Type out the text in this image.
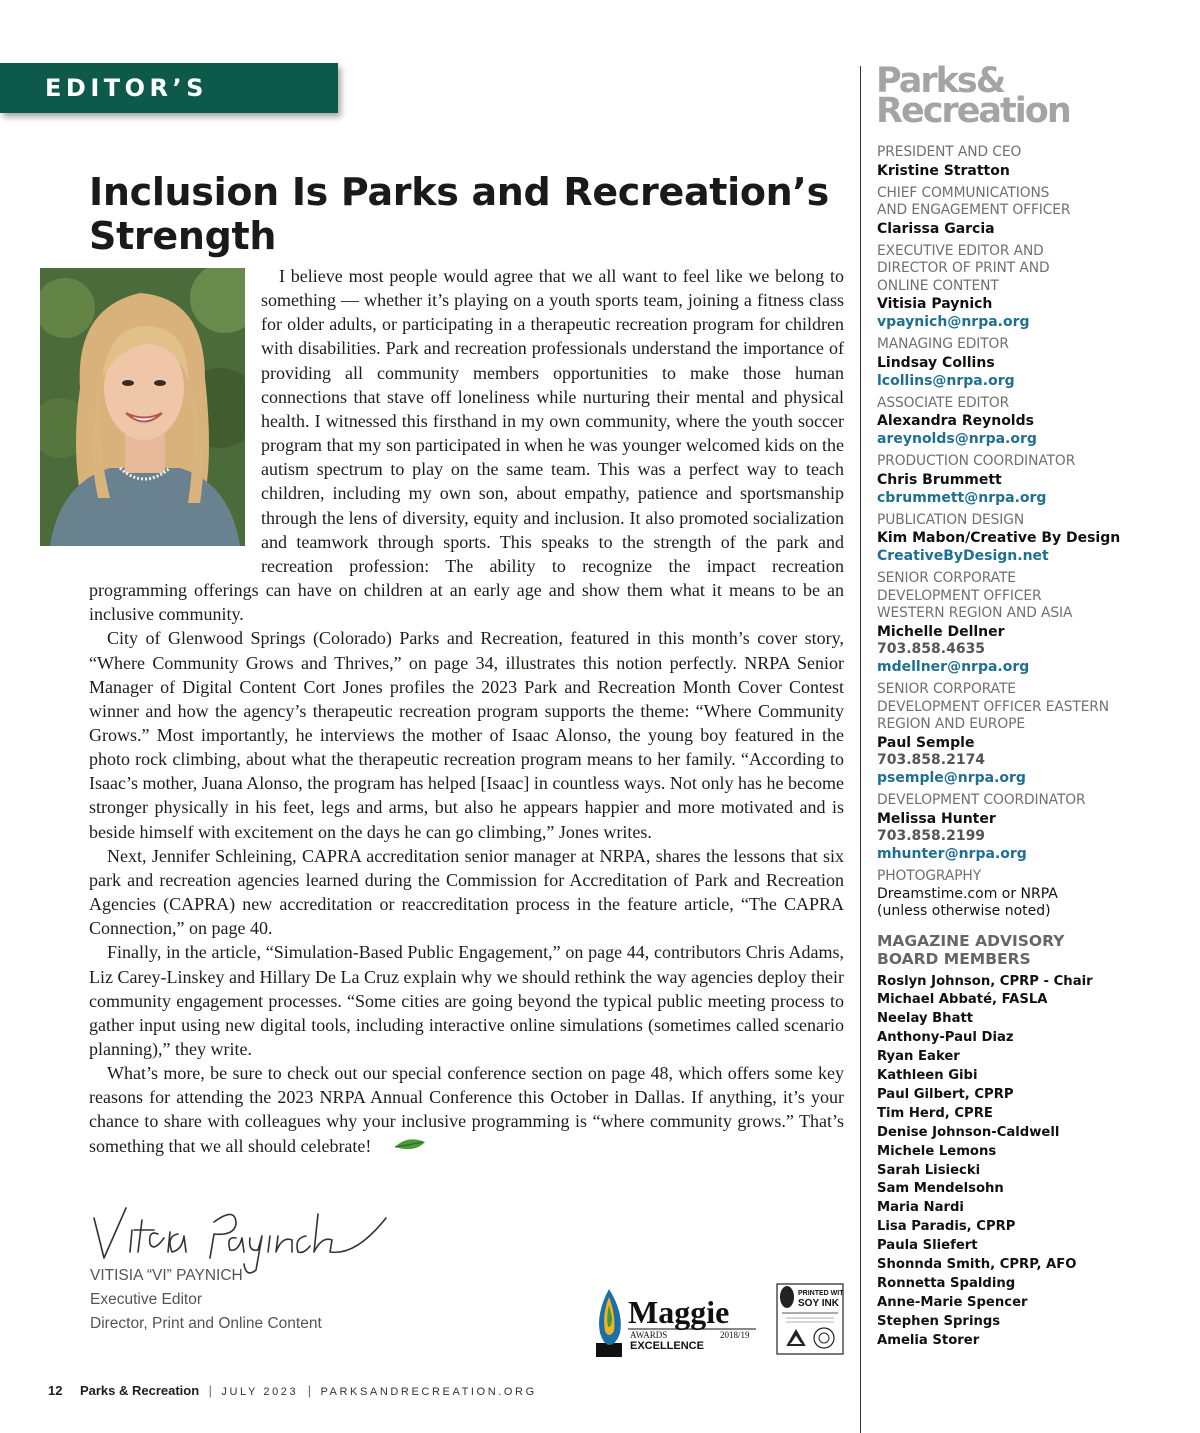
EDITOR’S LETTER
Inclusion Is Parks and Recreation’s Strength

I believe most people would agree that we all want to feel like we belong to something — whether it’s playing on a youth sports team, joining a fitness class for older adults, or participating in a therapeutic recreation program for children with disabilities. Park and recreation professionals understand the importance of providing all community members opportunities to make those human connections that stave off loneliness while nurturing their mental and physical health. I witnessed this firsthand in my own community, where the youth soccer program that my son participated in when he was younger welcomed kids on the autism spectrum to play on the same team. This was a perfect way to teach children, including my own son, about empathy, patience and sportsmanship through the lens of diversity, equity and inclusion. It also promoted socialization and teamwork through sports. This speaks to the strength of the park and recreation profession: The ability to recognize the impact recreation programming offerings can have on children at an early age and show them what it means to be an inclusive community.

City of Glenwood Springs (Colorado) Parks and Recreation, featured in this month’s cover story, “Where Community Grows and Thrives,” on page 34, illustrates this notion perfectly. NRPA Senior Manager of Digital Content Cort Jones profiles the 2023 Park and Recreation Month Cover Contest winner and how the agency’s therapeutic recreation program supports the theme: “Where Community Grows.” Most importantly, he interviews the mother of Isaac Alonso, the young boy featured in the photo rock climbing, about what the therapeutic recreation program means to her family. “According to Isaac’s mother, Juana Alonso, the program has helped [Isaac] in countless ways. Not only has he become stronger physically in his feet, legs and arms, but also he appears happier and more motivated and is beside himself with excitement on the days he can go climbing,” Jones writes.

Next, Jennifer Schleining, CAPRA accreditation senior manager at NRPA, shares the lessons that six park and recreation agencies learned during the Commission for Accreditation of Park and Recreation Agencies (CAPRA) new accreditation or reaccreditation process in the feature article, “The CAPRA Connection,” on page 40.

Finally, in the article, “Simulation-Based Public Engagement,” on page 44, contributors Chris Adams, Liz Carey-Linskey and Hillary De La Cruz explain why we should rethink the way agencies deploy their community engagement processes. “Some cities are going beyond the typical public meeting process to gather input using new digital tools, including interactive online simulations (sometimes called scenario planning),” they write.

What’s more, be sure to check out our special conference section on page 48, which offers some key reasons for attending the 2023 NRPA Annual Conference this October in Dallas. If anything, it’s your chance to share with colleagues why your inclusive programming is “where community grows.” That’s something that we all should celebrate!

VITISIA “VI” PAYNICH
Executive Editor
Director, Print and Online Content	Maggie
AWARDS	2018/19
EXCELLENCE
PRINTED WITH
SOY INK
12 Parks & Recreation | JULY 2023 | PARKSANDRECREATION.ORG
Parks&
Recreation
PRESIDENT AND CEO
Kristine Stratton
CHIEF COMMUNICATIONS
AND ENGAGEMENT OFFICER
Clarissa Garcia
EXECUTIVE EDITOR AND
DIRECTOR OF PRINT AND
ONLINE CONTENT
Vitisia Paynich
vpaynich@nrpa.org
MANAGING EDITOR
Lindsay Collins
lcollins@nrpa.org
ASSOCIATE EDITOR
Alexandra Reynolds
areynolds@nrpa.org
PRODUCTION COORDINATOR
Chris Brummett
cbrummett@nrpa.org
PUBLICATION DESIGN
Kim Mabon/Creative By Design
CreativeByDesign.net
SENIOR CORPORATE
DEVELOPMENT OFFICER
WESTERN REGION AND ASIA
Michelle Dellner
703.858.4635
mdellner@nrpa.org
SENIOR CORPORATE
DEVELOPMENT OFFICER EASTERN
REGION AND EUROPE
Paul Semple
703.858.2174
psemple@nrpa.org
DEVELOPMENT COORDINATOR
Melissa Hunter
703.858.2199
mhunter@nrpa.org
PHOTOGRAPHY
Dreamstime.com or NRPA
(unless otherwise noted)
MAGAZINE ADVISORY
BOARD MEMBERS
Roslyn Johnson, CPRP - Chair
Michael Abbaté, FASLA
Neelay Bhatt
Anthony-Paul Diaz
Ryan Eaker
Kathleen Gibi
Paul Gilbert, CPRP
Tim Herd, CPRE
Denise Johnson-Caldwell
Michele Lemons
Sarah Lisiecki
Sam Mendelsohn
Maria Nardi
Lisa Paradis, CPRP
Paula Sliefert
Shonnda Smith, CPRP, AFO
Ronnetta Spalding
Anne-Marie Spencer
Stephen Springs
Amelia Storer
